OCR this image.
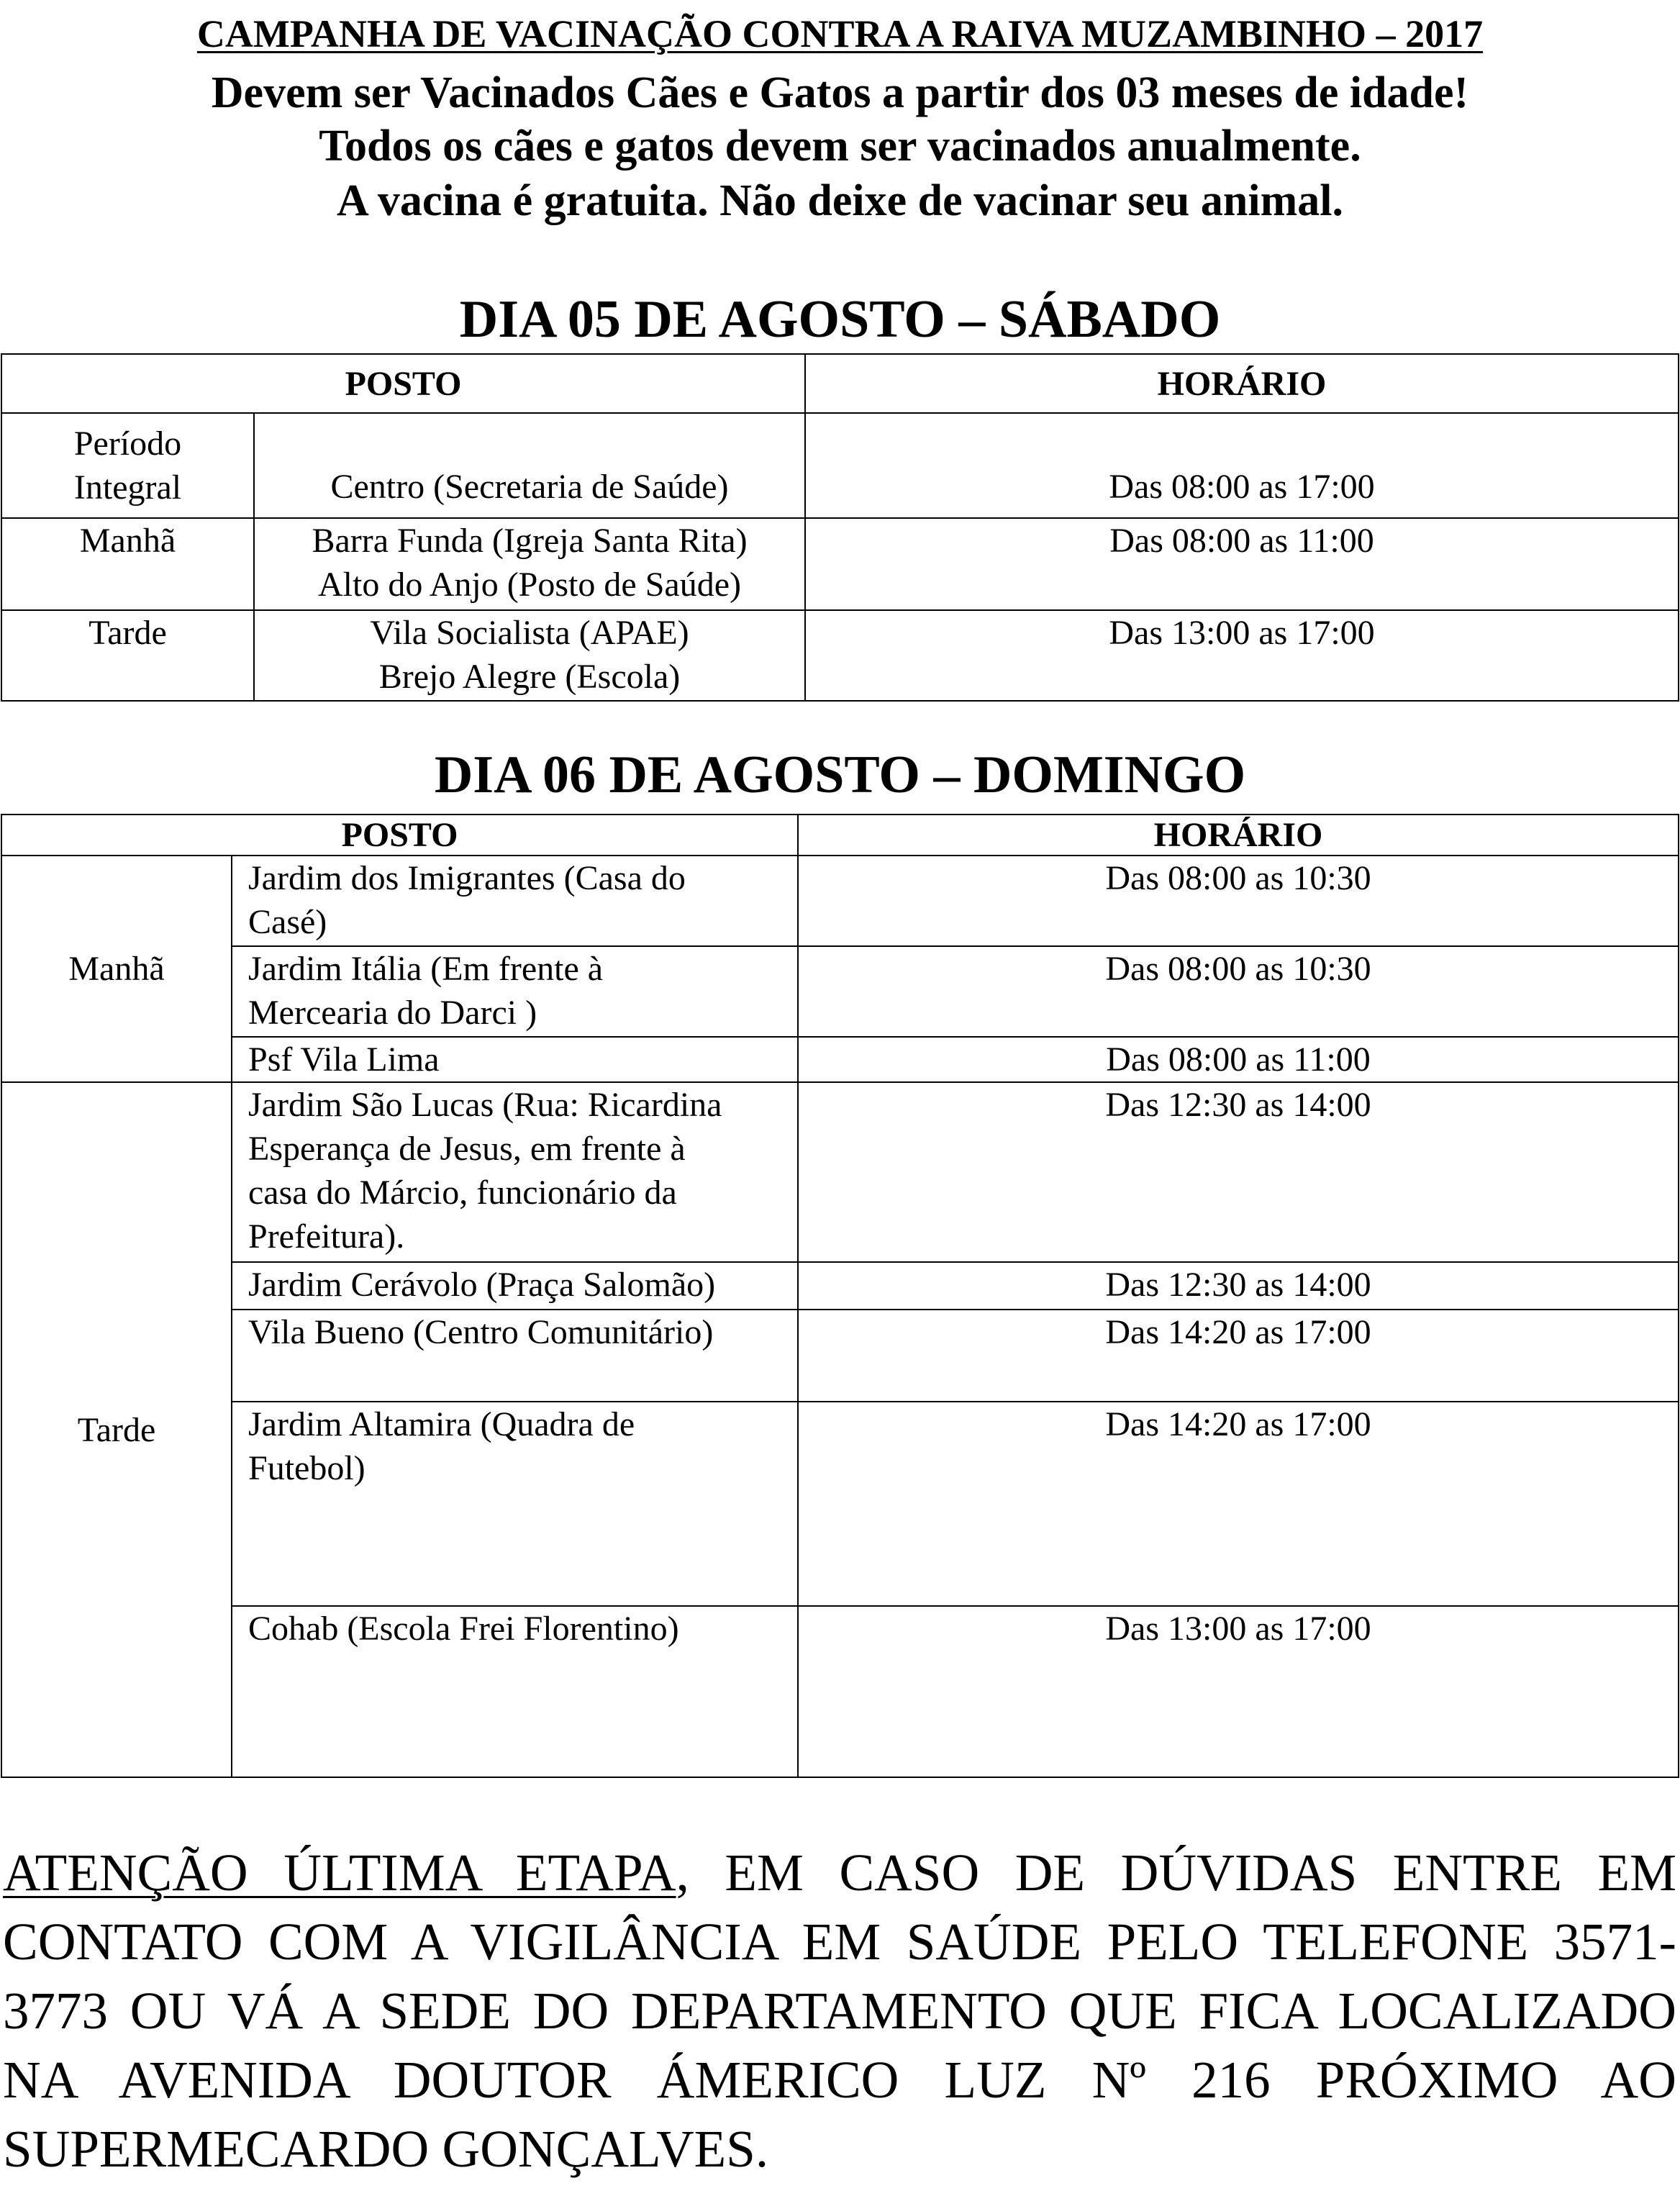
CAMPANHA DE VACINAÇÃO CONTRA A RAIVA MUZAMBINHO – 2017
Devem ser Vacinados Cães e Gatos a partir dos 03 meses de idade!
Todos os cães e gatos devem ser vacinados anualmente.
A vacina é gratuita. Não deixe de vacinar seu animal.
DIA 05 DE AGOSTO – SÁBADO
POSTO		HORÁRIO

Período
Integral	Centro (Secretaria de Saúde)	Das 08:00 as 17:00

Manhã	Barra Funda (Igreja Santa Rita)
Alto do Anjo (Posto de Saúde)	Das 08:00 as 11:00

Tarde	Vila Socialista (APAE)
Brejo Alegre (Escola)	Das 13:00 as 17:00
DIA 06 DE AGOSTO – DOMINGO
POSTO		HORÁRIO

Manhã	Jardim dos Imigrantes (Casa do
Casé)	Das 08:00 as 10:30

	Jardim Itália (Em frente à
Mercearia do Darci )	Das 08:00 as 10:30

	Psf Vila Lima	Das 08:00 as 11:00

Tarde	Jardim São Lucas (Rua: Ricardina
Esperança de Jesus, em frente à
casa do Márcio, funcionário da
Prefeitura).	Das 12:30 as 14:00

	Jardim Cerávolo (Praça Salomão)	Das 12:30 as 14:00

	Vila Bueno (Centro Comunitário)	Das 14:20 as 17:00

	Jardim Altamira (Quadra de
Futebol)	Das 14:20 as 17:00

	Cohab (Escola Frei Florentino)	Das 13:00 as 17:00
ATENÇÃO ÚLTIMA ETAPA, EM CASO DE DÚVIDAS ENTRE EM CONTATO COM A VIGILÂNCIA EM SAÚDE PELO TELEFONE 3571-3773 OU VÁ A SEDE DO DEPARTAMENTO QUE FICA LOCALIZADO NA AVENIDA DOUTOR ÁMERICO LUZ Nº 216 PRÓXIMO AO SUPERMECARDO GONÇALVES.
